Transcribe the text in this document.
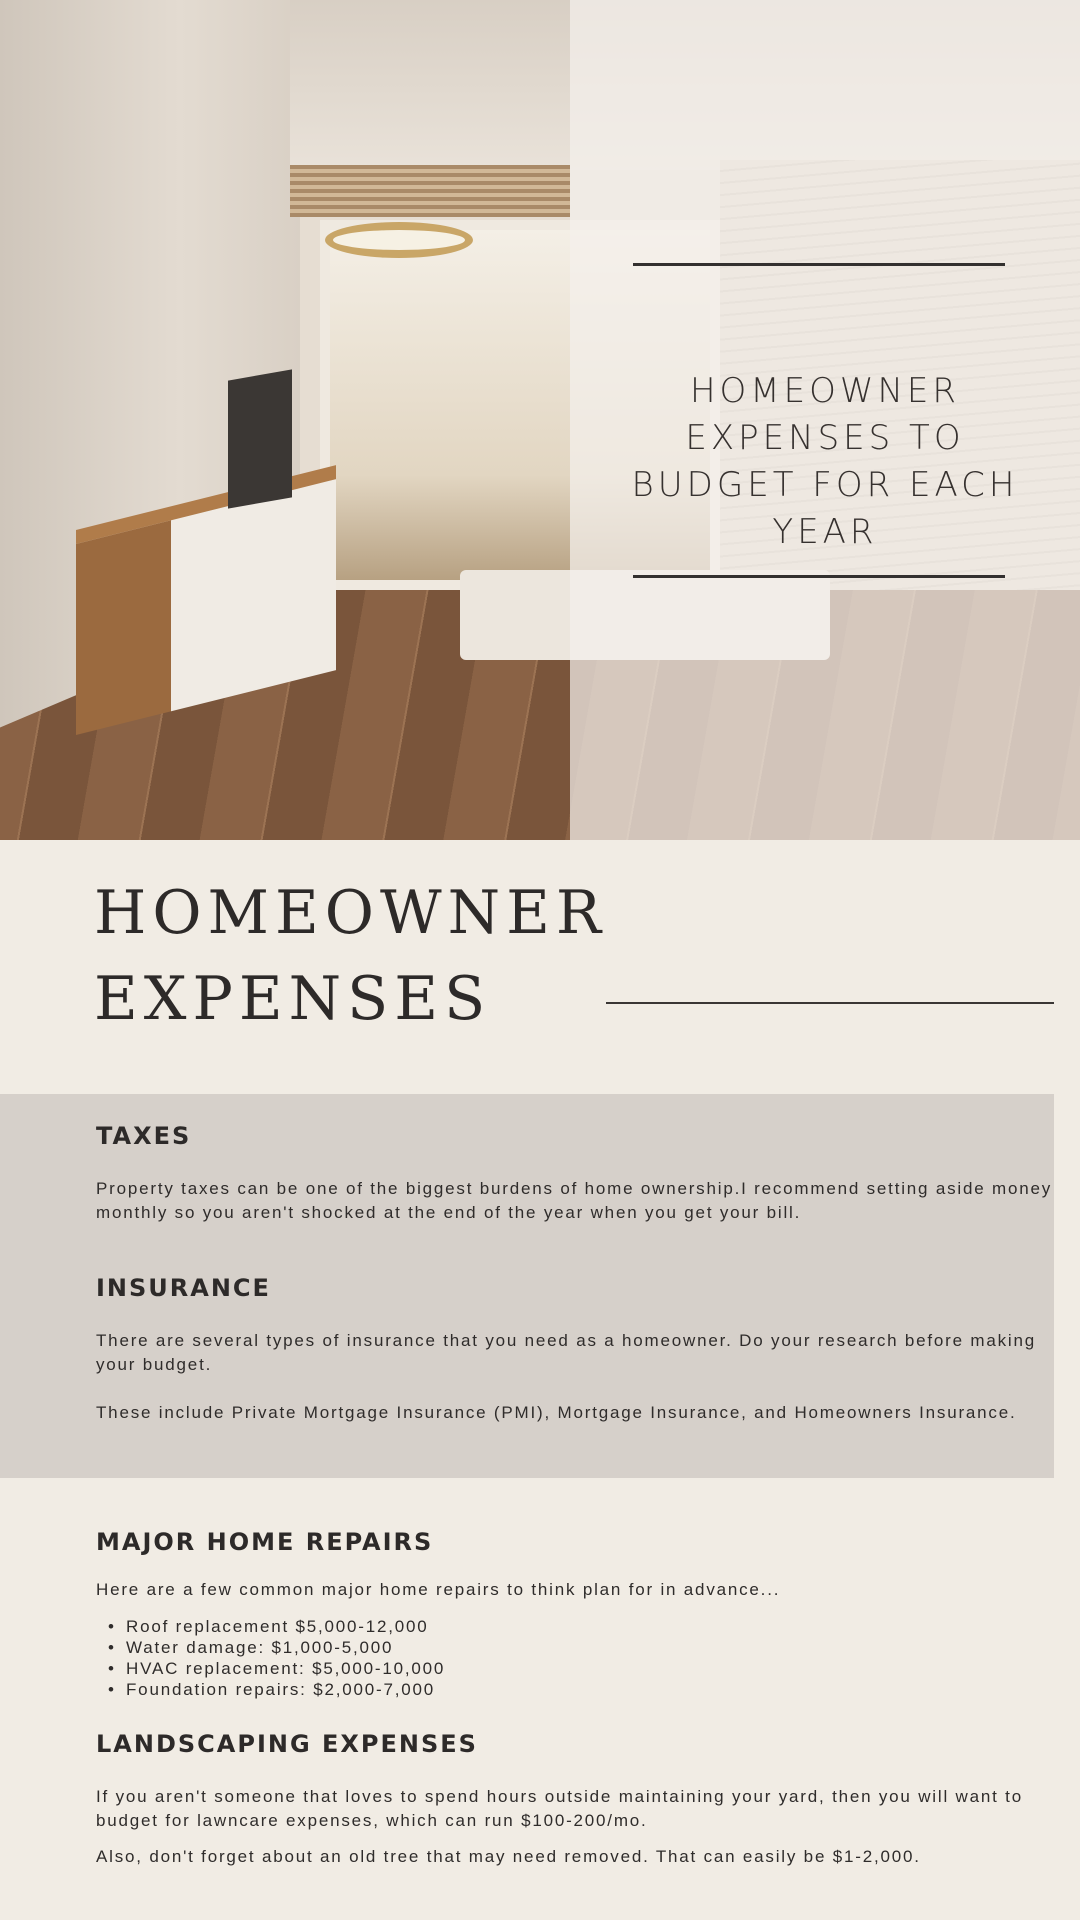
HOMEOWNER EXPENSES TO BUDGET FOR EACH YEAR
HOMEOWNER
EXPENSES
TAXES

Property taxes can be one of the biggest burdens of home ownership.I recommend setting aside money monthly so you aren't shocked at the end of the year when you get your bill.

INSURANCE

There are several types of insurance that you need as a homeowner. Do your research before making your budget.

These include Private Mortgage Insurance (PMI), Mortgage Insurance, and Homeowners Insurance.

MAJOR HOME REPAIRS

Here are a few common major home repairs to think plan for in advance...

• Roof replacement $5,000-12,000
• Water damage: $1,000-5,000
• HVAC replacement: $5,000-10,000
• Foundation repairs: $2,000-7,000
LANDSCAPING EXPENSES

If you aren't someone that loves to spend hours outside maintaining your yard, then you will want to budget for lawncare expenses, which can run $100-200/mo.

Also, don't forget about an old tree that may need removed. That can easily be $1-2,000.
